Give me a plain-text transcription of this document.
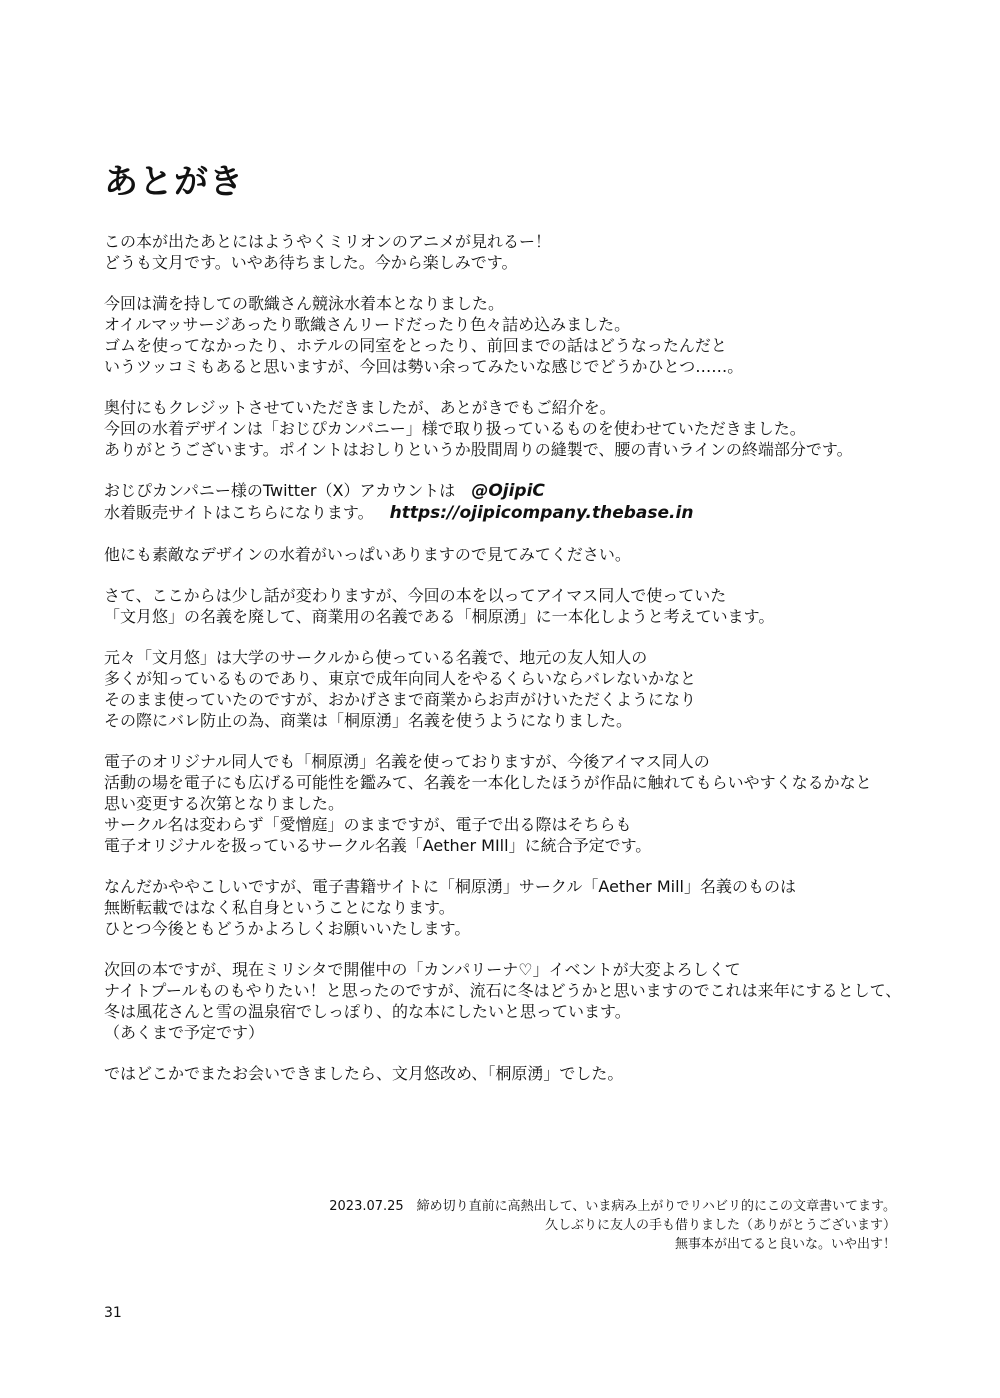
あとがき
この本が出たあとにはようやくミリオンのアニメが見れるー！
どうも文月です。いやあ待ちました。今から楽しみです。
今回は満を持しての歌織さん競泳水着本となりました。
オイルマッサージあったり歌織さんリードだったり色々詰め込みました。
ゴムを使ってなかったり、ホテルの同室をとったり、前回までの話はどうなったんだと
いうツッコミもあると思いますが、今回は勢い余ってみたいな感じでどうかひとつ……。
奥付にもクレジットさせていただきましたが、あとがきでもご紹介を。
今回の水着デザインは「おじぴカンパニー」様で取り扱っているものを使わせていただきました。
ありがとうございます。ポイントはおしりというか股間周りの縫製で、腰の青いラインの終端部分です。
おじぴカンパニー様のTwitter（X）アカウントは @OjipiC
水着販売サイトはこちらになります。 https://ojipicompany.thebase.in
他にも素敵なデザインの水着がいっぱいありますので見てみてください。
さて、ここからは少し話が変わりますが、今回の本を以ってアイマス同人で使っていた
「文月悠」の名義を廃して、商業用の名義である「桐原湧」に一本化しようと考えています。
元々「文月悠」は大学のサークルから使っている名義で、地元の友人知人の
多くが知っているものであり、東京で成年向同人をやるくらいならバレないかなと
そのまま使っていたのですが、おかげさまで商業からお声がけいただくようになり
その際にバレ防止の為、商業は「桐原湧」名義を使うようになりました。
電子のオリジナル同人でも「桐原湧」名義を使っておりますが、今後アイマス同人の
活動の場を電子にも広げる可能性を鑑みて、名義を一本化したほうが作品に触れてもらいやすくなるかなと
思い変更する次第となりました。
サークル名は変わらず「愛憎庭」のままですが、電子で出る際はそちらも
電子オリジナルを扱っているサークル名義「Aether MIll」に統合予定です。
なんだかややこしいですが、電子書籍サイトに「桐原湧」サークル「Aether Mill」名義のものは
無断転載ではなく私自身ということになります。
ひとつ今後ともどうかよろしくお願いいたします。
次回の本ですが、現在ミリシタで開催中の「カンパリーナ♡」イベントが大変よろしくて
ナイトプールものもやりたい！と思ったのですが、流石に冬はどうかと思いますのでこれは来年にするとして、
冬は風花さんと雪の温泉宿でしっぽり、的な本にしたいと思っています。
（あくまで予定です）
ではどこかでまたお会いできましたら、文月悠改め、「桐原湧」でした。
2023.07.25　締め切り直前に高熱出して、いま病み上がりでリハビリ的にこの文章書いてます。
久しぶりに友人の手も借りました（ありがとうございます）
無事本が出てると良いな。いや出す！
31
